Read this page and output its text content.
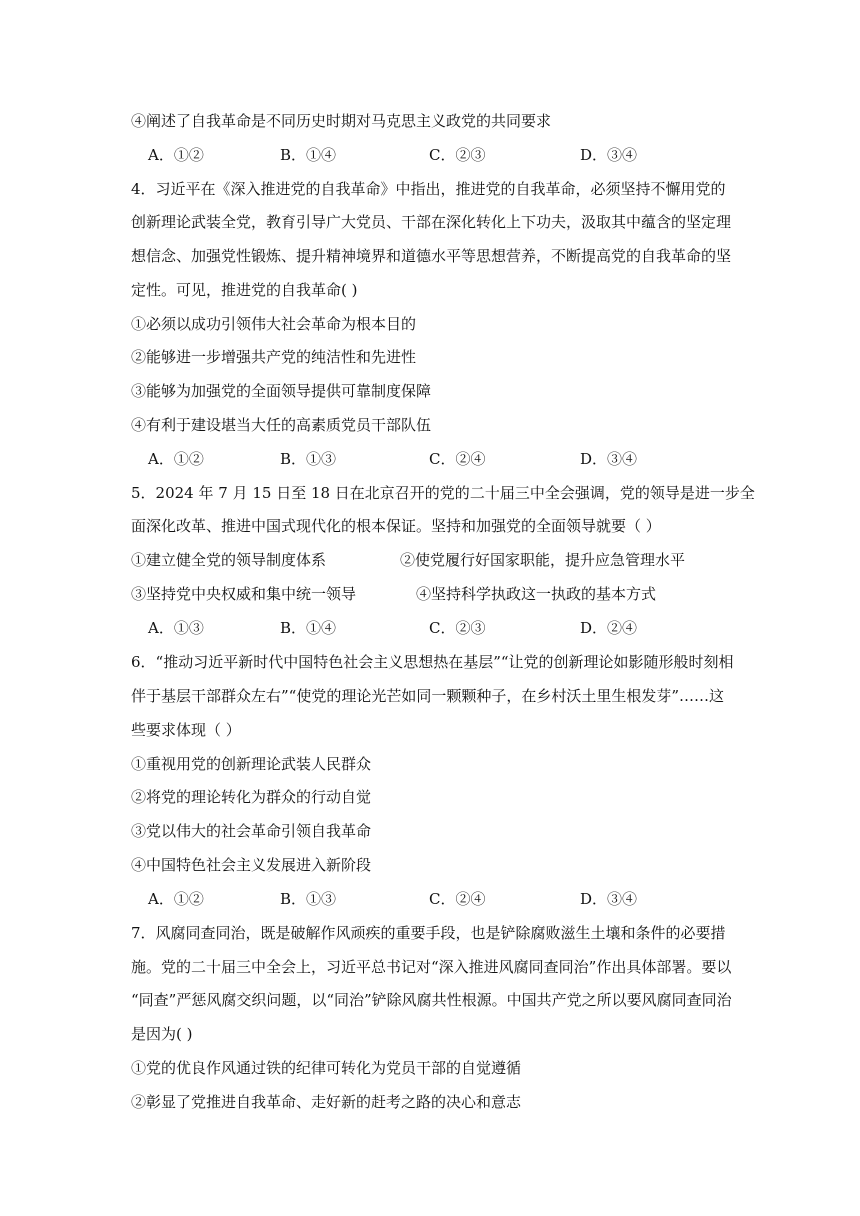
④阐述了自我革命是不同历史时期对马克思主义政党的共同要求
A．①②	B．①④	C．②③	D．③④
4．习近平在《深入推进党的自我革命》中指出，推进党的自我革命，必须坚持不懈用党的
创新理论武装全党，教育引导广大党员、干部在深化转化上下功夫，汲取其中蕴含的坚定理
想信念、加强党性锻炼、提升精神境界和道德水平等思想营养，不断提高党的自我革命的坚
定性。可见，推进党的自我革命( )
①必须以成功引领伟大社会革命为根本目的
②能够进一步增强共产党的纯洁性和先进性
③能够为加强党的全面领导提供可靠制度保障
④有利于建设堪当大任的高素质党员干部队伍
A．①②	B．①③	C．②④	D．③④
5．2024 年 7 月 15 日至 18 日在北京召开的党的二十届三中全会强调，党的领导是进一步全
面深化改革、推进中国式现代化的根本保证。坚持和加强党的全面领导就要（ ）
①建立健全党的领导制度体系	②使党履行好国家职能，提升应急管理水平
③坚持党中央权威和集中统一领导	④坚持科学执政这一执政的基本方式
A．①③	B．①④	C．②③	D．②④
6．“推动习近平新时代中国特色社会主义思想热在基层”“让党的创新理论如影随形般时刻相
伴于基层干部群众左右”“使党的理论光芒如同一颗颗种子，在乡村沃土里生根发芽”……这
些要求体现（ ）
①重视用党的创新理论武装人民群众
②将党的理论转化为群众的行动自觉
③党以伟大的社会革命引领自我革命
④中国特色社会主义发展进入新阶段
A．①②	B．①③	C．②④	D．③④
7．风腐同查同治，既是破解作风顽疾的重要手段，也是铲除腐败滋生土壤和条件的必要措
施。党的二十届三中全会上，习近平总书记对“深入推进风腐同查同治”作出具体部署。要以
“同查”严惩风腐交织问题，以“同治”铲除风腐共性根源。中国共产党之所以要风腐同查同治
是因为( )
①党的优良作风通过铁的纪律可转化为党员干部的自觉遵循
②彰显了党推进自我革命、走好新的赶考之路的决心和意志
